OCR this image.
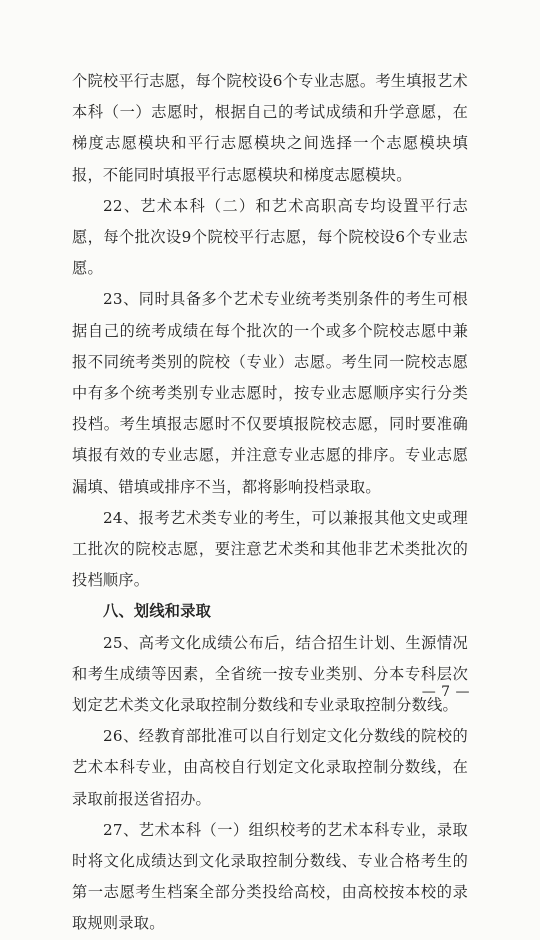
个院校平行志愿，每个院校设6个专业志愿。考生填报艺术本科（一）志愿时，根据自己的考试成绩和升学意愿，在梯度志愿模块和平行志愿模块之间选择一个志愿模块填报，不能同时填报平行志愿模块和梯度志愿模块。

22、艺术本科（二）和艺术高职高专均设置平行志愿，每个批次设9个院校平行志愿，每个院校设6个专业志愿。

23、同时具备多个艺术专业统考类别条件的考生可根据自己的统考成绩在每个批次的一个或多个院校志愿中兼报不同统考类别的院校（专业）志愿。考生同一院校志愿中有多个统考类别专业志愿时，按专业志愿顺序实行分类投档。考生填报志愿时不仅要填报院校志愿，同时要准确填报有效的专业志愿，并注意专业志愿的排序。专业志愿漏填、错填或排序不当，都将影响投档录取。

24、报考艺术类专业的考生，可以兼报其他文史或理工批次的院校志愿，要注意艺术类和其他非艺术类批次的投档顺序。

八、划线和录取

25、高考文化成绩公布后，结合招生计划、生源情况和考生成绩等因素，全省统一按专业类别、分本专科层次划定艺术类文化录取控制分数线和专业录取控制分数线。

26、经教育部批准可以自行划定文化分数线的院校的艺术本科专业，由高校自行划定文化录取控制分数线，在录取前报送省招办。

27、艺术本科（一）组织校考的艺术本科专业，录取时将文化成绩达到文化录取控制分数线、专业合格考生的第一志愿考生档案全部分类投给高校，由高校按本校的录取规则录取。

— 7 —
